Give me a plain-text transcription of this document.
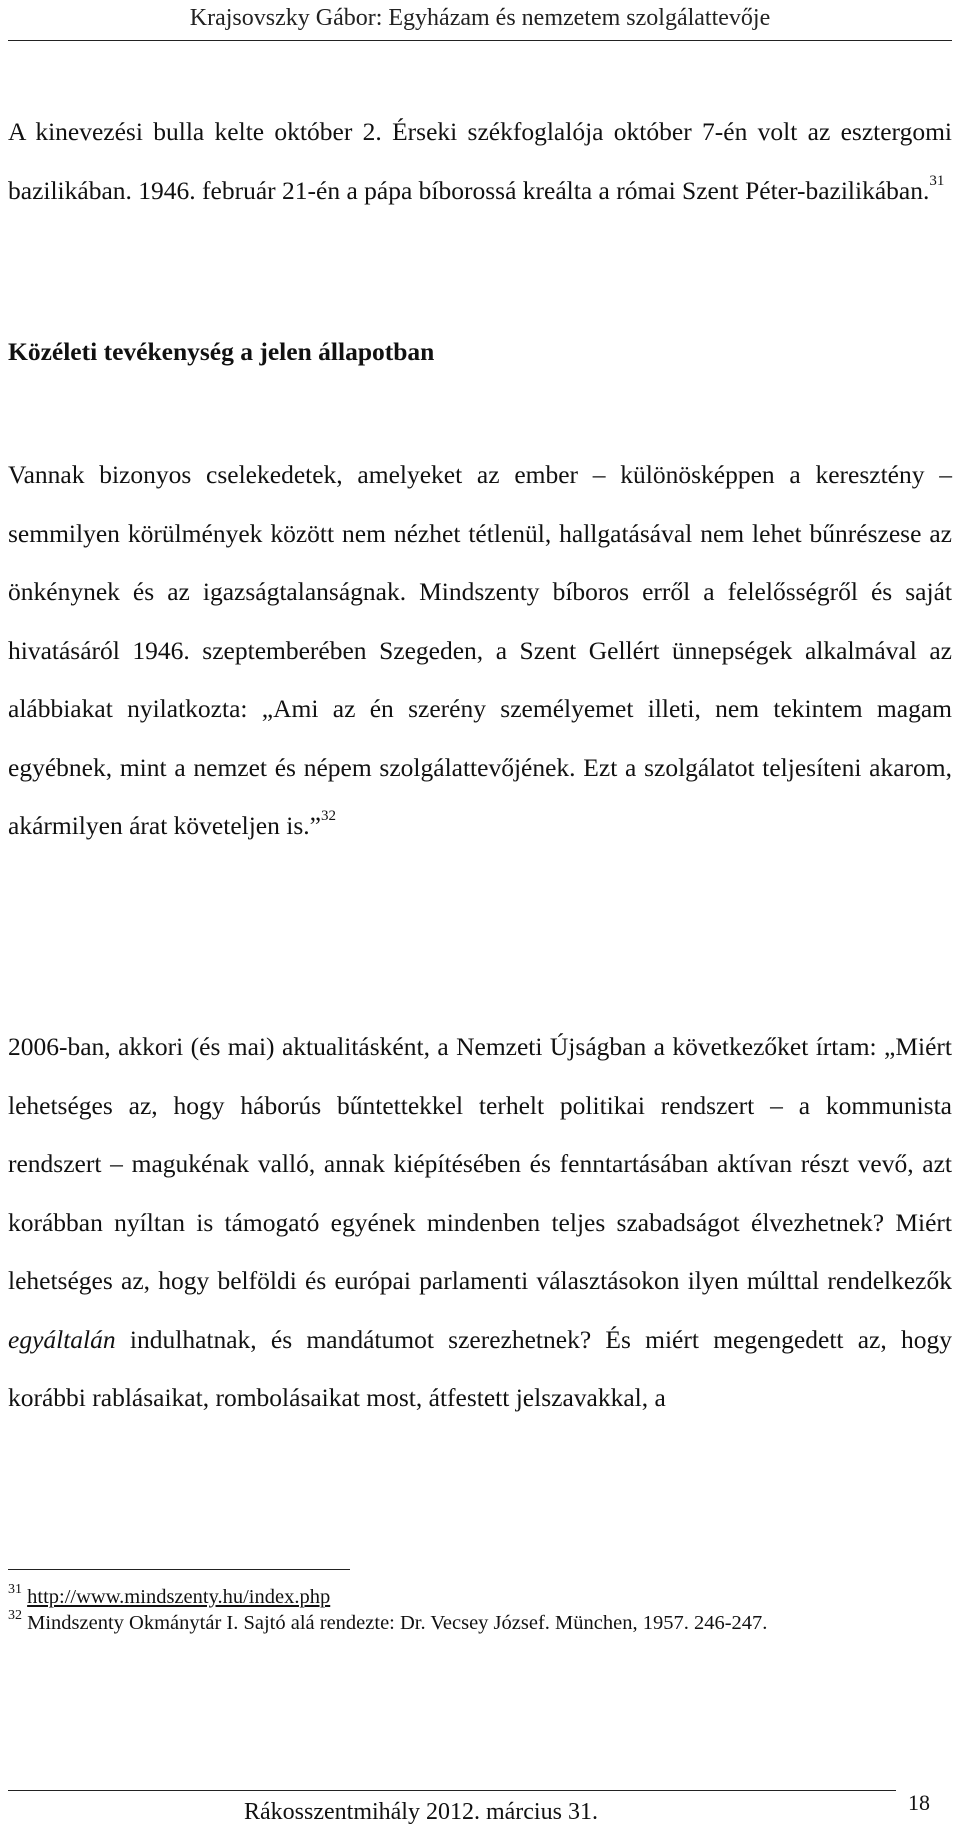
Krajsovszky Gábor: Egyházam és nemzetem szolgálattevője

A kinevezési bulla kelte október 2. Érseki székfoglalója október 7-én volt az esztergomi bazilikában. 1946. február 21-én a pápa bíborossá kreálta a római Szent Péter-bazilikában.$^{31}$

Közéleti tevékenység a jelen állapotban

Vannak bizonyos cselekedetek, amelyeket az ember – különösképpen a keresztény – semmilyen körülmények között nem nézhet tétlenül, hallgatásával nem lehet bűnrészese az önkénynek és az igazságtalanságnak. Mindszenty bíboros erről a felelősségről és saját hivatásáról 1946. szeptemberében Szegeden, a Szent Gellért ünnepségek alkalmával az alábbiakat nyilatkozta: „Ami az én szerény személyemet illeti, nem tekintem magam egyébnek, mint a nemzet és népem szolgálattevőjének. Ezt a szolgálatot teljesíteni akarom, akármilyen árat követeljen is.”$^{32}$

2006-ban, akkori (és mai) aktualitásként, a Nemzeti Újságban a következőket írtam: „Miért lehetséges az, hogy háborús bűntettekkel terhelt politikai rendszert – a kommunista rendszert – magukénak valló, annak kiépítésében és fenntartásában aktívan részt vevő, azt korábban nyíltan is támogató egyének mindenben teljes szabadságot élvezhetnek? Miért lehetséges az, hogy belföldi és európai parlamenti választásokon ilyen múlttal rendelkezők egyáltalán indulhatnak, és mandátumot szerezhetnek? És miért megengedett az, hogy korábbi rablásaikat, rombolásaikat most, átfestett jelszavakkal, a

$^{31}$ http://www.mindszenty.hu/index.php

$^{32}$ Mindszenty Okmánytár I. Sajtó alá rendezte: Dr. Vecsey József. München, 1957. 246-247.

Rákosszentmihály 2012. március 31.	18
